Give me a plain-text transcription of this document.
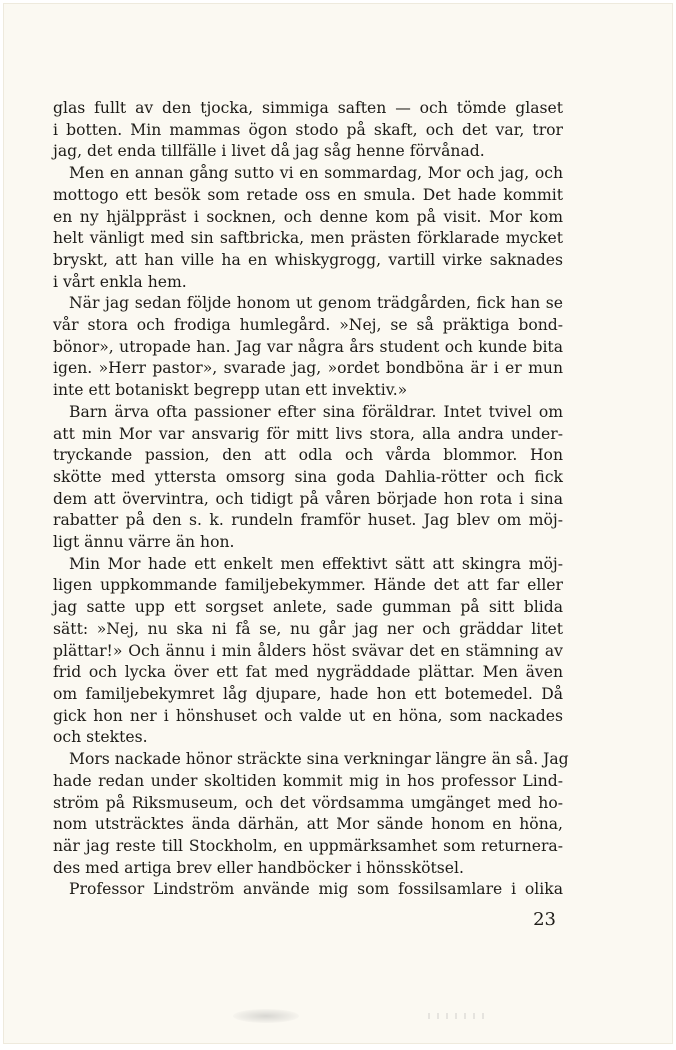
glas fullt av den tjocka, simmiga saften — och tömde glaset
i botten. Min mammas ögon stodo på skaft, och det var, tror
jag, det enda tillfälle i livet då jag såg henne förvånad.
Men en annan gång sutto vi en sommardag, Mor och jag, och
mottogo ett besök som retade oss en smula. Det hade kommit
en ny hjälppräst i socknen, och denne kom på visit. Mor kom
helt vänligt med sin saftbricka, men prästen förklarade mycket
bryskt, att han ville ha en whiskygrogg, vartill virke saknades
i vårt enkla hem.
När jag sedan följde honom ut genom trädgården, fick han se
vår stora och frodiga humlegård. »Nej, se så präktiga bond-
bönor», utropade han. Jag var några års student och kunde bita
igen. »Herr pastor», svarade jag, »ordet bondböna är i er mun
inte ett botaniskt begrepp utan ett invektiv.»
Barn ärva ofta passioner efter sina föräldrar. Intet tvivel om
att min Mor var ansvarig för mitt livs stora, alla andra under-
tryckande passion, den att odla och vårda blommor. Hon
skötte med yttersta omsorg sina goda Dahlia-rötter och fick
dem att övervintra, och tidigt på våren började hon rota i sina
rabatter på den s. k. rundeln framför huset. Jag blev om möj-
ligt ännu värre än hon.
Min Mor hade ett enkelt men effektivt sätt att skingra möj-
ligen uppkommande familjebekymmer. Hände det att far eller
jag satte upp ett sorgset anlete, sade gumman på sitt blida
sätt: »Nej, nu ska ni få se, nu går jag ner och gräddar litet
plättar!» Och ännu i min ålders höst svävar det en stämning av
frid och lycka över ett fat med nygräddade plättar. Men även
om familjebekymret låg djupare, hade hon ett botemedel. Då
gick hon ner i hönshuset och valde ut en höna, som nackades
och stektes.
Mors nackade hönor sträckte sina verkningar längre än så. Jag
hade redan under skoltiden kommit mig in hos professor Lind-
ström på Riksmuseum, och det vördsamma umgänget med ho-
nom utsträcktes ända därhän, att Mor sände honom en höna,
när jag reste till Stockholm, en uppmärksamhet som returnera-
des med artiga brev eller handböcker i hönsskötsel.
Professor Lindström använde mig som fossilsamlare i olika
23
